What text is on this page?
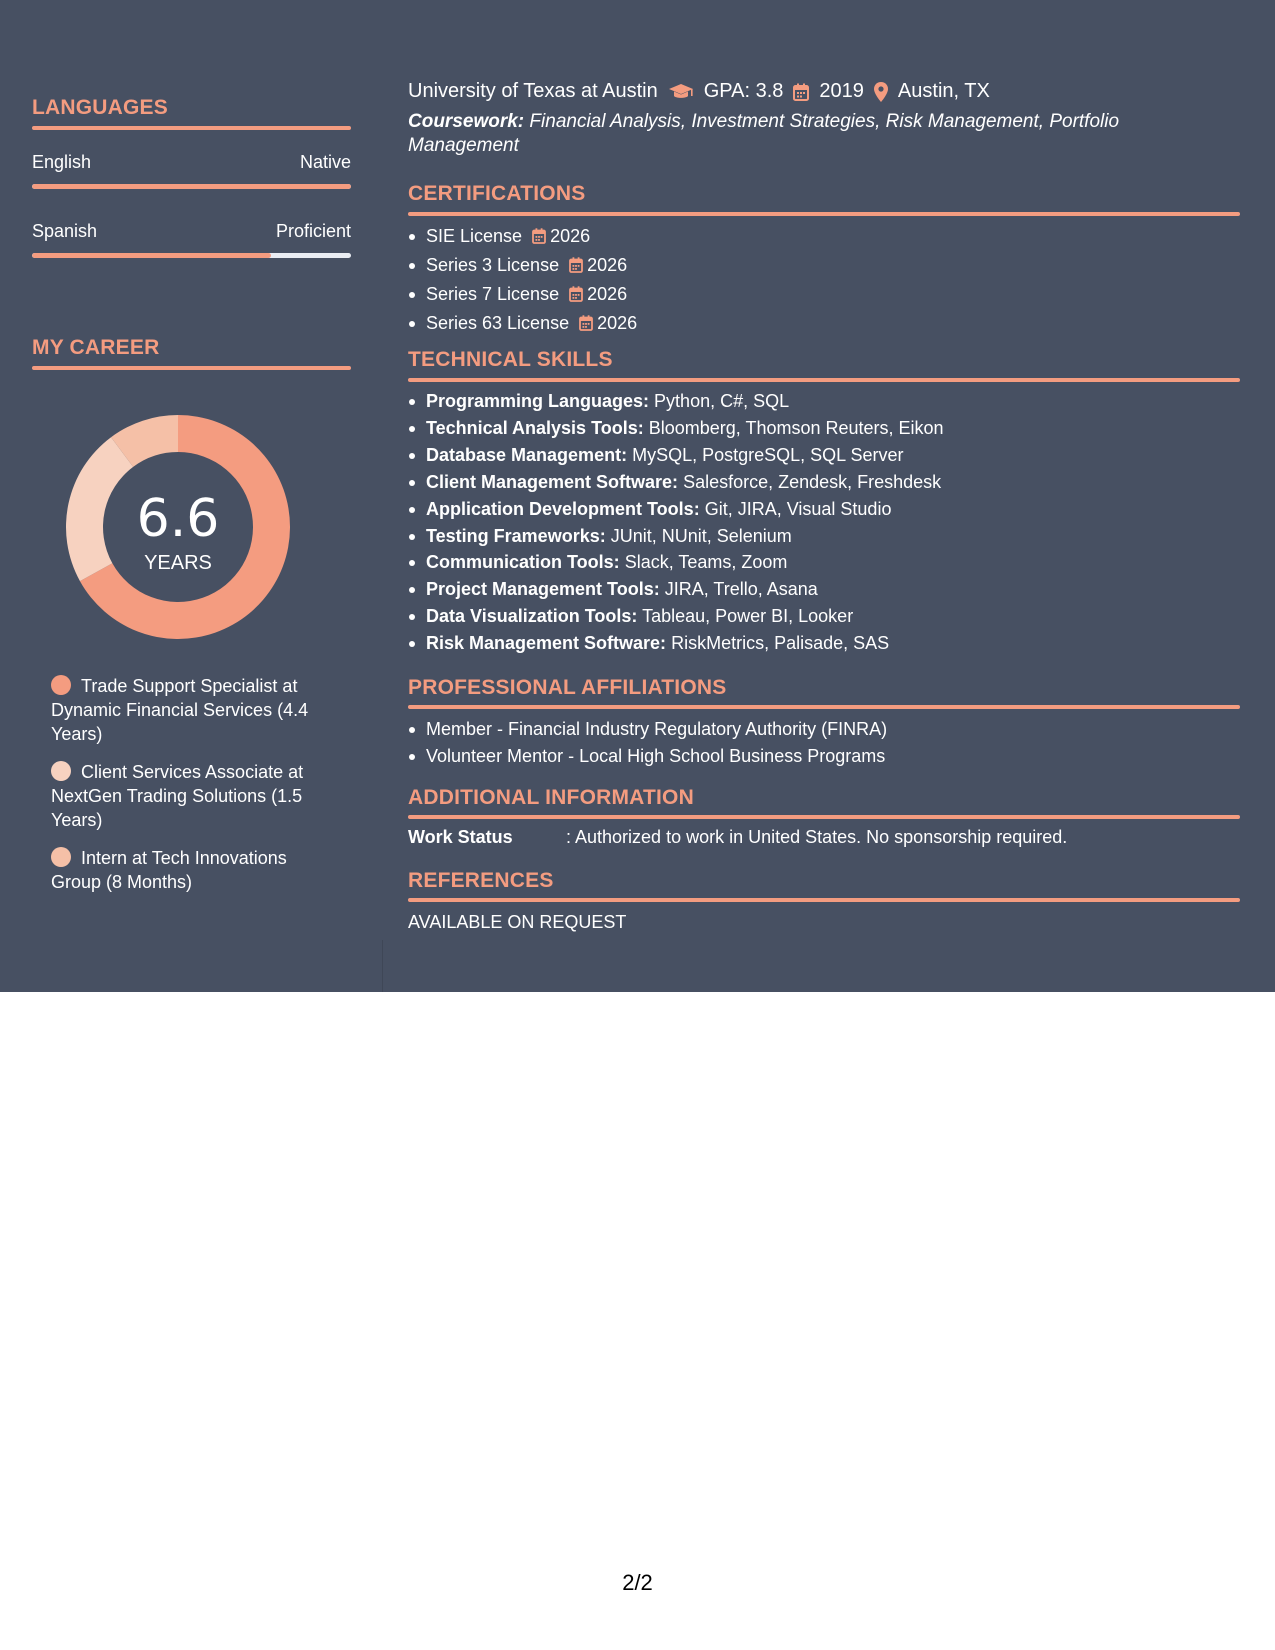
LANGUAGES
English	Native
Spanish	Proficient
MY CAREER
6.6
YEARS
Trade Support Specialist at Dynamic Financial Services (4.4 Years)
Client Services Associate at NextGen Trading Solutions (1.5 Years)
Intern at Tech Innovations Group (8 Months)
University of Texas at Austin GPA: 3.8 2019 Austin, TX
Coursework: Financial Analysis, Investment Strategies, Risk Management, Portfolio Management
CERTIFICATIONS
SIE License 2026
Series 3 License 2026
Series 7 License 2026
Series 63 License 2026
TECHNICAL SKILLS
Programming Languages: Python, C#, SQL
Technical Analysis Tools: Bloomberg, Thomson Reuters, Eikon
Database Management: MySQL, PostgreSQL, SQL Server
Client Management Software: Salesforce, Zendesk, Freshdesk
Application Development Tools: Git, JIRA, Visual Studio
Testing Frameworks: JUnit, NUnit, Selenium
Communication Tools: Slack, Teams, Zoom
Project Management Tools: JIRA, Trello, Asana
Data Visualization Tools: Tableau, Power BI, Looker
Risk Management Software: RiskMetrics, Palisade, SAS
PROFESSIONAL AFFILIATIONS
Member - Financial Industry Regulatory Authority (FINRA)
Volunteer Mentor - Local High School Business Programs
ADDITIONAL INFORMATION
Work Status	: Authorized to work in United States. No sponsorship required.
REFERENCES
AVAILABLE ON REQUEST
2/2
